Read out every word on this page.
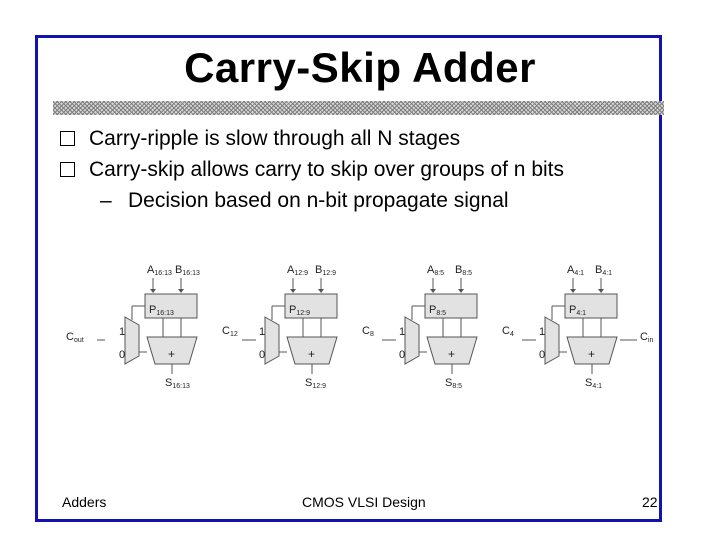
Carry-Skip Adder
Carry-ripple is slow through all N stages
Carry-skip allows carry to skip over groups of n bits
– Decision based on n-bit propagate signal
A16:13 B16:13
P16:13
1
0	+
S16:13
A12:9 B12:9
P12:9
1
0	+
S12:9
A8:5 B8:5
P8:5
1
0	+
S8:5
A4:1 B4:1
P4:1
1
0	+
S4:1
Cout
C12	C8	C4	Cin
Adders	CMOS VLSI Design	22
